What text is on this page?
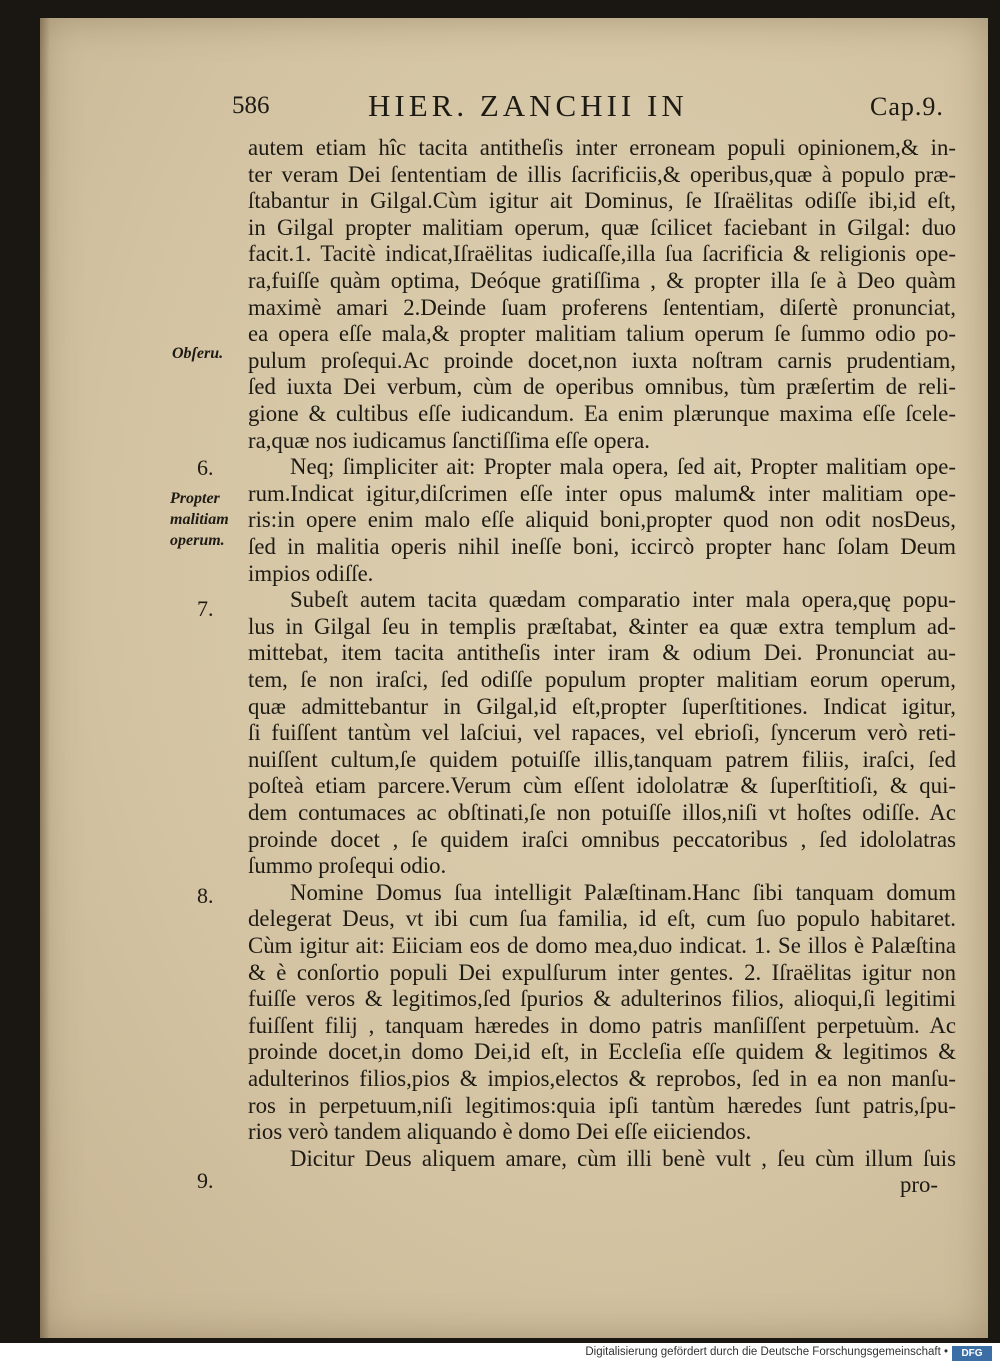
586	HIER. ZANCHII IN	Cap.9.
autem etiam hîc tacita antitheſis inter erroneam populi opinionem,& in-
ter veram Dei ſententiam de illis ſacrificiis,& operibus,quæ à populo præ-
ſtabantur in Gilgal.Cùm igitur ait Dominus, ſe Iſraëlitas odiſſe ibi,id eſt,
in Gilgal propter malitiam operum, quæ ſcilicet faciebant in Gilgal: duo
facit.1. Tacitè indicat,Iſraëlitas iudicaſſe,illa ſua ſacrificia & religionis ope-
ra,fuiſſe quàm optima, Deóque gratiſſima , & propter illa ſe à Deo quàm
maximè amari 2.Deinde ſuam proferens ſententiam, diſertè pronunciat,
ea opera eſſe mala,& propter malitiam talium operum ſe ſummo odio po-
pulum proſequi.Ac proinde docet,non iuxta noſtram carnis prudentiam,
ſed iuxta Dei verbum, cùm de operibus omnibus, tùm præſertim de reli-
gione & cultibus eſſe iudicandum. Ea enim plærunque maxima eſſe ſcele-
ra,quæ nos iudicamus ſanctiſſima eſſe opera.
Neq; ſimpliciter ait: Propter mala opera, ſed ait, Propter malitiam ope-
rum.Indicat igitur,diſcrimen eſſe inter opus malum& inter malitiam ope-
ris:in opere enim malo eſſe aliquid boni,propter quod non odit nosDeus,
ſed in malitia operis nihil ineſſe boni, icciгcò propter hanc ſolam Deum
impios odiſſe.
Subeſt autem tacita quædam comparatio inter mala opera,quę popu-
lus in Gilgal ſeu in templis præſtabat, &inter ea quæ extra templum ad-
mittebat, item tacita antitheſis inter iram & odium Dei. Pronunciat au-
tem, ſe non iraſci, ſed odiſſe populum propter malitiam eorum operum,
quæ admittebantur in Gilgal,id eſt,propter ſuperſtitiones. Indicat igitur,
ſi fuiſſent tantùm vel laſciui, vel rapaces, vel ebrioſi, ſyncerum verò reti-
nuiſſent cultum,ſe quidem potuiſſe illis,tanquam patrem filiis, iraſci, ſed
poſteà etiam parcere.Verum cùm eſſent idololatræ & ſuperſtitioſi, & qui-
dem contumaces ac obſtinati,ſe non potuiſſe illos,niſi vt hoſtes odiſſe. Ac
proinde docet , ſe quidem iraſci omnibus peccatoribus , ſed idololatras
ſummo proſequi odio.
Nomine Domus ſua intelligit Palæſtinam.Hanc ſibi tanquam domum
delegerat Deus, vt ibi cum ſua familia, id eſt, cum ſuo populo habitaret.
Cùm igitur ait: Eiiciam eos de domo mea,duo indicat. 1. Se illos è Palæſtina
& è conſortio populi Dei expulſurum inter gentes. 2. Iſraëlitas igitur non
fuiſſe veros & legitimos,ſed ſpurios & adulterinos filios, alioqui,ſi legitimi
fuiſſent filij , tanquam hæredes in domo patris manſiſſent perpetuùm. Ac
proinde docet,in domo Dei,id eſt, in Eccleſia eſſe quidem & legitimos &
adulterinos filios,pios & impios,electos & reprobos, ſed in ea non manſu-
ros in perpetuum,niſi legitimos:quia ipſi tantùm hæredes ſunt patris,ſpu-
rios verò tandem aliquando è domo Dei eſſe eiiciendos.
Dicitur Deus aliquem amare, cùm illi benè vult , ſeu cùm illum ſuis
pro-
Obſeru.
Propter
malitiam
operum.
6.
7.
8.
9.
Digitalisierung gefördert durch die Deutsche Forschungsgemeinschaft •	DFG
